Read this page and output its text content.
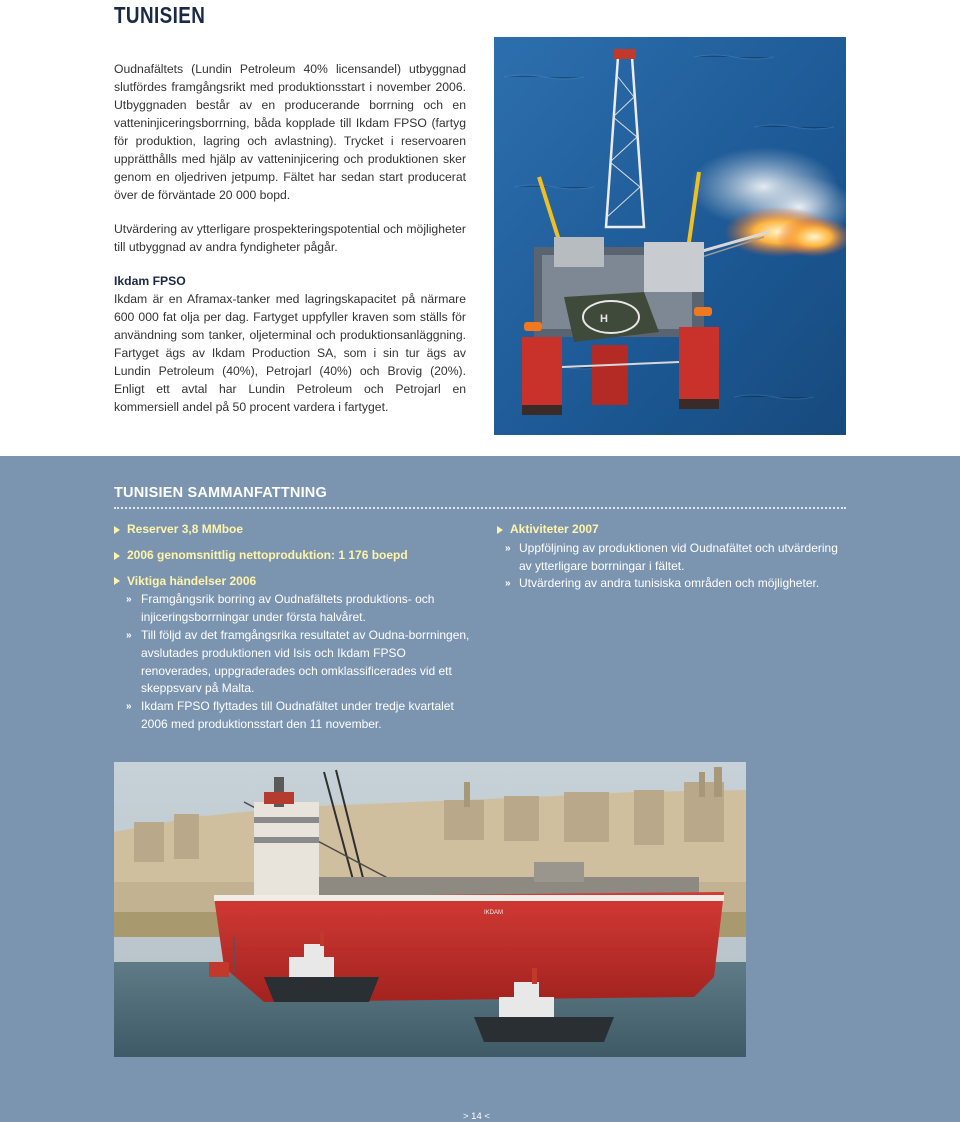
TUNISIEN

Oudnafältets (Lundin Petroleum 40% licensandel) utbyggnad slutfördes framgångsrikt med produktionsstart i november 2006. Utbyggnaden består av en producerande borrning och en vatteninjiceringsborrning, båda kopplade till Ikdam FPSO (fartyg för produktion, lagring och avlastning). Trycket i reservoaren upprätthålls med hjälp av vatteninjicering och produktionen sker genom en oljedriven jetpump. Fältet har sedan start producerat över de förväntade 20 000 bopd.

Utvärdering av ytterligare prospekteringspotential och möjligheter till utbyggnad av andra fyndigheter pågår.

Ikdam FPSO

Ikdam är en Aframax-tanker med lagringskapacitet på närmare 600 000 fat olja per dag. Fartyget uppfyller kraven som ställs för användning som tanker, oljeterminal och produktionsanläggning. Fartyget ägs av Ikdam Production SA, som i sin tur ägs av Lundin Petroleum (40%), Petrojarl (40%) och Brovig (20%). Enligt ett avtal har Lundin Petroleum och Petrojarl en kommersiell andel på 50 procent vardera i fartyget.

H
TUNISIEN SAMMANFATTNING
Reserver 3,8 MMboe
2006 genomsnittlig nettoproduktion: 1 176 boepd
Viktiga händelser 2006
» Framgångsrik borring av Oudnafältets produktions- och injiceringsborrningar under första halvåret.
» Till följd av det framgångsrika resultatet av Oudna-borrningen, avslutades produktionen vid Isis och Ikdam FPSO renoverades, uppgraderades och omklassificerades vid ett skeppsvarv på Malta.
» Ikdam FPSO flyttades till Oudnafältet under tredje kvartalet 2006 med produktionsstart den 11 november.
Aktiviteter 2007
» Uppföljning av produktionen vid Oudnafältet och utvärdering av ytterligare borrningar i fältet.
» Utvärdering av andra tunisiska områden och möjligheter.
IKDAM
> 14 <
